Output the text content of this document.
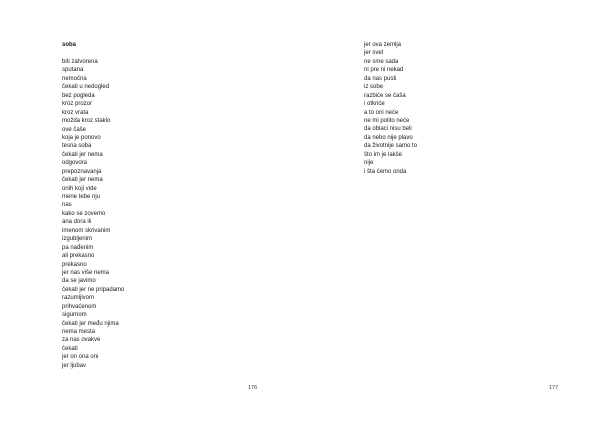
soba
biti zatvorena
sputana
nemoćna
čekati u nedogled
bez pogleda
kroz prozor
kroz vrata
možda kroz staklo
ove čaše
koja je ponovo
tesna soba
čekati jer nema
odgovora
prepoznavanja
čekati jer nema
onih koji vide
mene tebe nju
nas
kako se zovemo
ana dora ili
imenom skrivanim
izgubljenim
pa nađenim
ali prekasno
prekasno
jer nas više nema
da se javimo
čekati jer ne pripadamo
razumljivom
prihvaćenom
sigurnom
čekati jer među njima
nema mesta
za nas ovakve
čekati
jer on ona oni
jer ljubav
176
jer ova zemlja
jer svet
ne sme sada
ni pre ni nekad
da nas pusti
iz sobe
razbiće se čaša
i otkriće
a to oni neće
ne mi polito neće
da oblaci nisu beli
da nebo nije plavo
da životnije samo to
što im je lakše
nije
i šta ćemo onda
177
